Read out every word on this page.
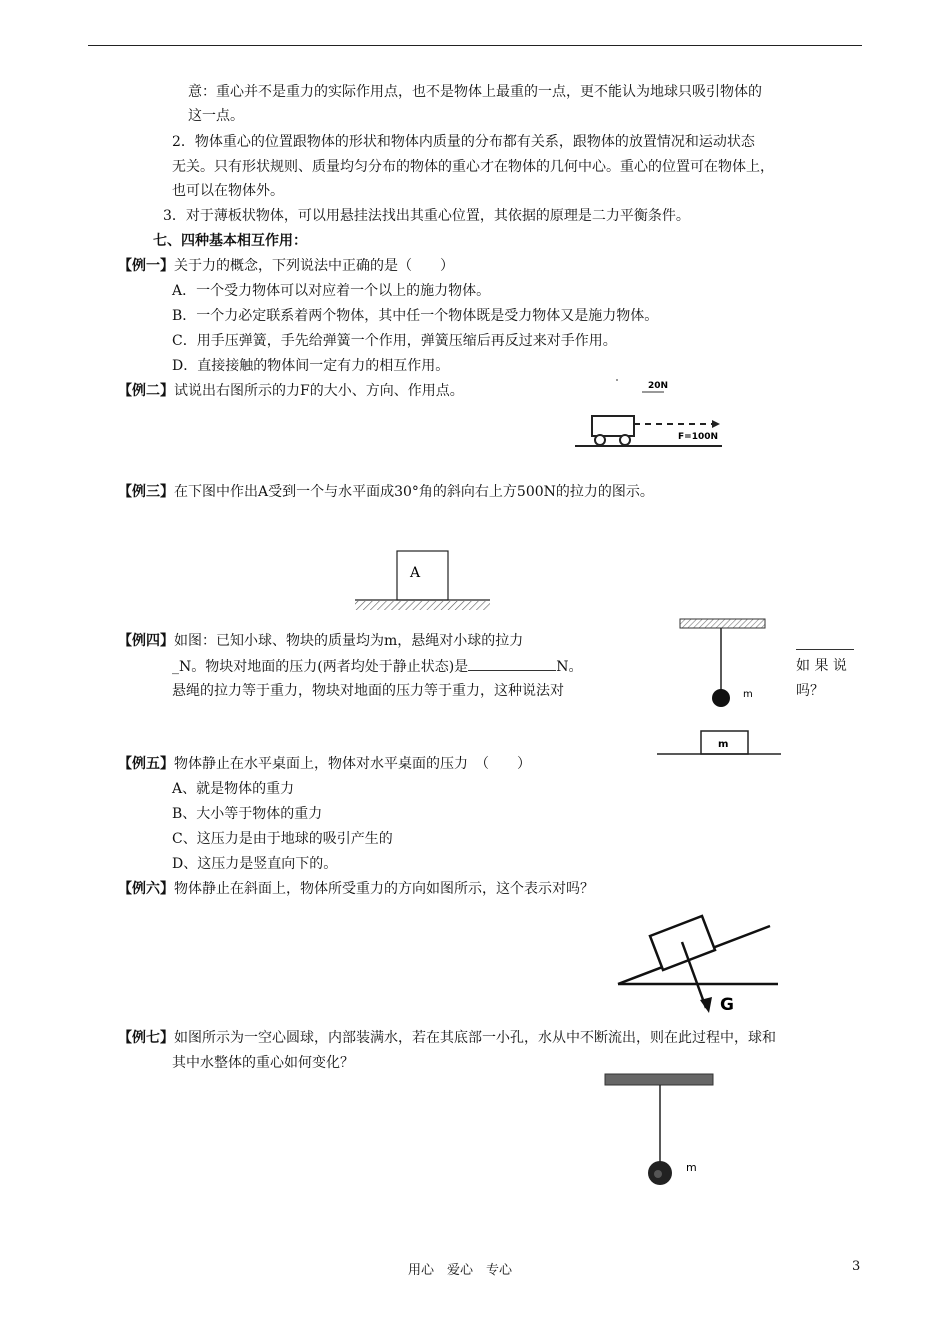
意：重心并不是重力的实际作用点，也不是物体上最重的一点，更不能认为地球只吸引物体的
这一点。
2．物体重心的位置跟物体的形状和物体内质量的分布都有关系，跟物体的放置情况和运动状态
无关。只有形状规则、质量均匀分布的物体的重心才在物体的几何中心。重心的位置可在物体上，
也可以在物体外。
3．对于薄板状物体，可以用悬挂法找出其重心位置，其依据的原理是二力平衡条件。
七、四种基本相互作用：
【例一】关于力的概念，下列说法中正确的是（　　）
A．一个受力物体可以对应着一个以上的施力物体。
B．一个力必定联系着两个物体，其中任一个物体既是受力物体又是施力物体。
C．用手压弹簧，手先给弹簧一个作用，弹簧压缩后再反过来对手作用。
D．直接接触的物体间一定有力的相互作用。
【例二】试说出右图所示的力F的大小、方向、作用点。	20N
F=100N
【例三】在下图中作出A受到一个与水平面成30°角的斜向右上方500N的拉力的图示。
A
【例四】如图：已知小球、物块的质量均为m，悬绳对小球的拉力
_N。物块对地面的压力(两者均处于静止状态)是	N。	如 果 说
悬绳的拉力等于重力，物块对地面的压力等于重力，这种说法对	吗？
m
m
【例五】物体静止在水平桌面上，物体对水平桌面的压力　（　　）
A、就是物体的重力
B、大小等于物体的重力
C、这压力是由于地球的吸引产生的
D、这压力是竖直向下的。
【例六】物体静止在斜面上，物体所受重力的方向如图所示，这个表示对吗？
G
【例七】如图所示为一空心圆球，内部装满水，若在其底部一小孔，水从中不断流出，则在此过程中，球和
其中水整体的重心如何变化？
m
用心　爱心　专心	3
